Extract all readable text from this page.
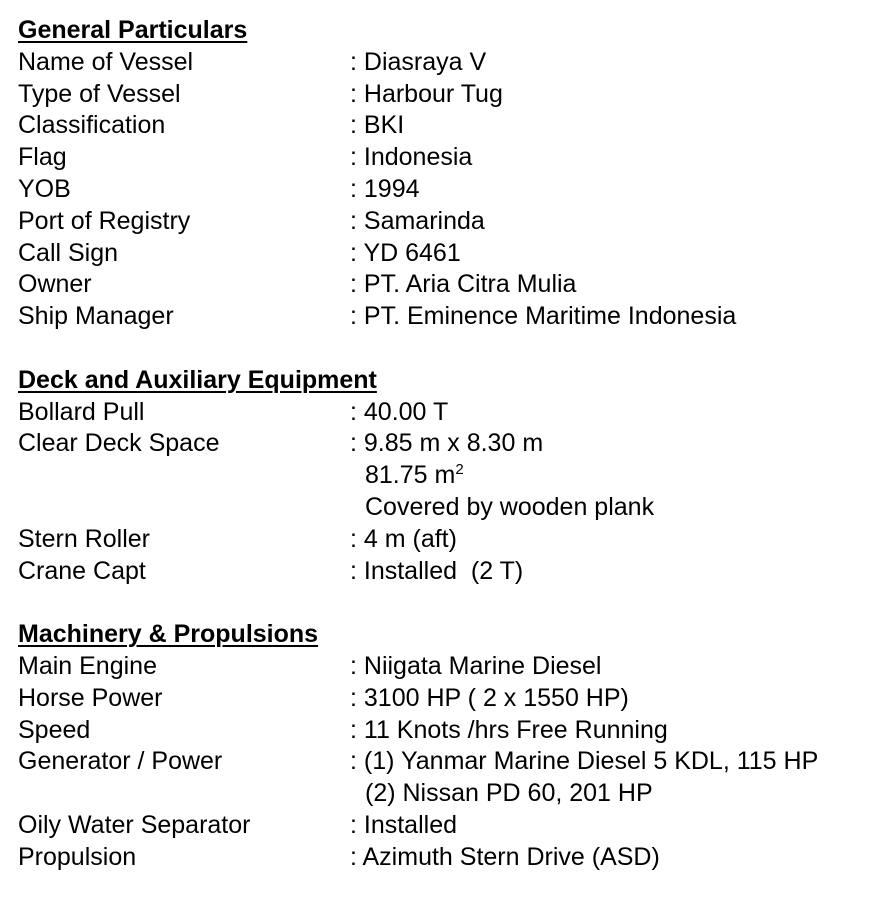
General Particulars
Name of Vessel	: Diasraya V
Type of Vessel	: Harbour Tug
Classification	: BKI
Flag	: Indonesia
YOB	: 1994
Port of Registry	: Samarinda
Call Sign	: YD 6461
Owner	: PT. Aria Citra Mulia
Ship Manager	: PT. Eminence Maritime Indonesia
Deck and Auxiliary Equipment
Bollard Pull	: 40.00 T
Clear Deck Space	: 9.85 m x 8.30 m
81.75 $m^2$
Covered by wooden plank
Stern Roller	: 4 m (aft)
Crane Capt	: Installed  (2 T)
Machinery & Propulsions
Main Engine	: Niigata Marine Diesel
Horse Power	: 3100 HP ( 2 x 1550 HP)
Speed	: 11 Knots /hrs Free Running
Generator / Power	: (1) Yanmar Marine Diesel 5 KDL, 115 HP
(2) Nissan PD 60, 201 HP
Oily Water Separator	: Installed
Propulsion	: Azimuth Stern Drive (ASD)
